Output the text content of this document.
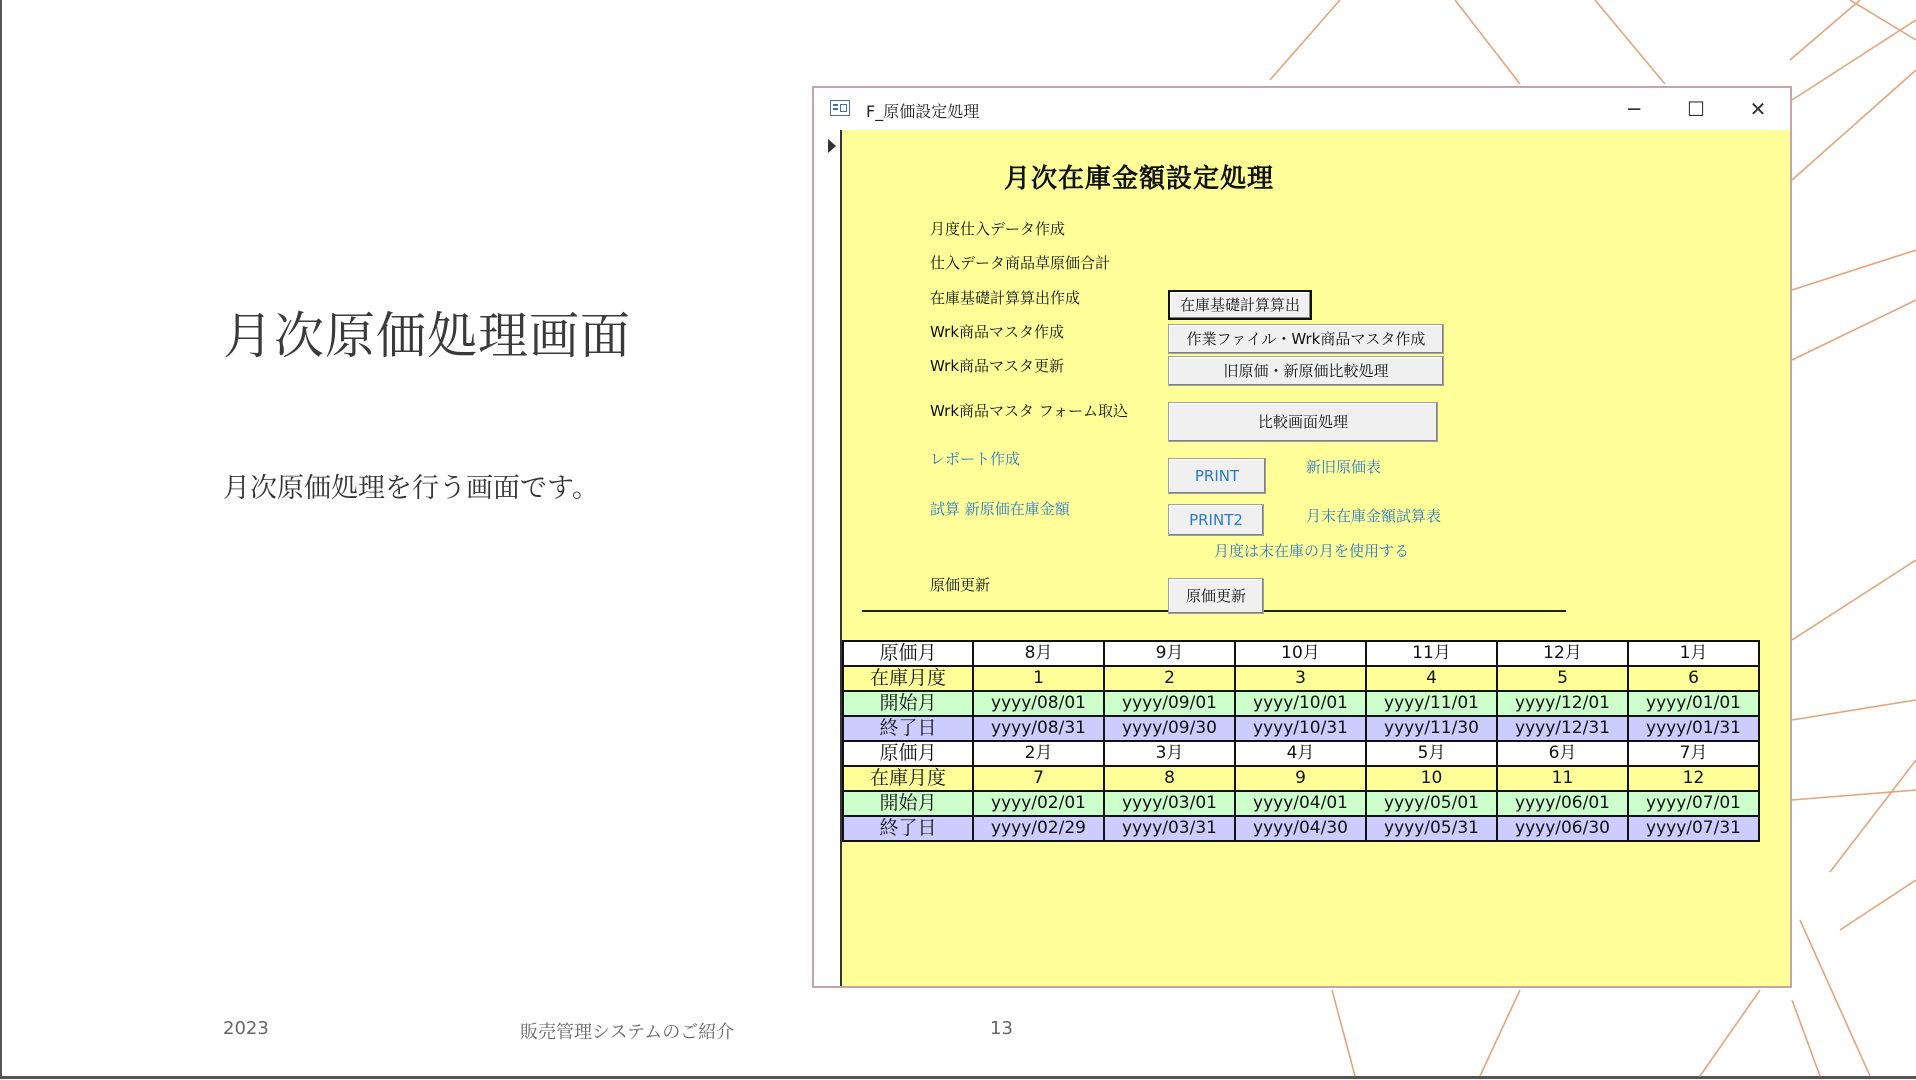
月次原価処理画面
月次原価処理を行う画面です。
2023	販売管理システムのご紹介	13
F_原価設定処理	─	☐	✕
月次在庫金額設定処理
月度仕入データ作成
仕入データ商品草原価合計
在庫基礎計算算出作成
Wrk商品マスタ作成
Wrk商品マスタ更新
Wrk商品マスタ フォーム取込
レポート作成
試算 新原価在庫金額
新旧原価表
月末在庫金額試算表
月度は末在庫の月を使用する
原価更新
在庫基礎計算算出
作業ファイル・Wrk商品マスタ作成
旧原価・新原価比較処理
比較画面処理
PRINT
PRINT2
原価更新
原価月	8月	9月	10月	11月	12月	1月
在庫月度	1	2	3	4	5	6
開始月	yyyy/08/01	yyyy/09/01	yyyy/10/01	yyyy/11/01	yyyy/12/01	yyyy/01/01
終了日	yyyy/08/31	yyyy/09/30	yyyy/10/31	yyyy/11/30	yyyy/12/31	yyyy/01/31
原価月	2月	3月	4月	5月	6月	7月
在庫月度	7	8	9	10	11	12
開始月	yyyy/02/01	yyyy/03/01	yyyy/04/01	yyyy/05/01	yyyy/06/01	yyyy/07/01
終了日	yyyy/02/29	yyyy/03/31	yyyy/04/30	yyyy/05/31	yyyy/06/30	yyyy/07/31
